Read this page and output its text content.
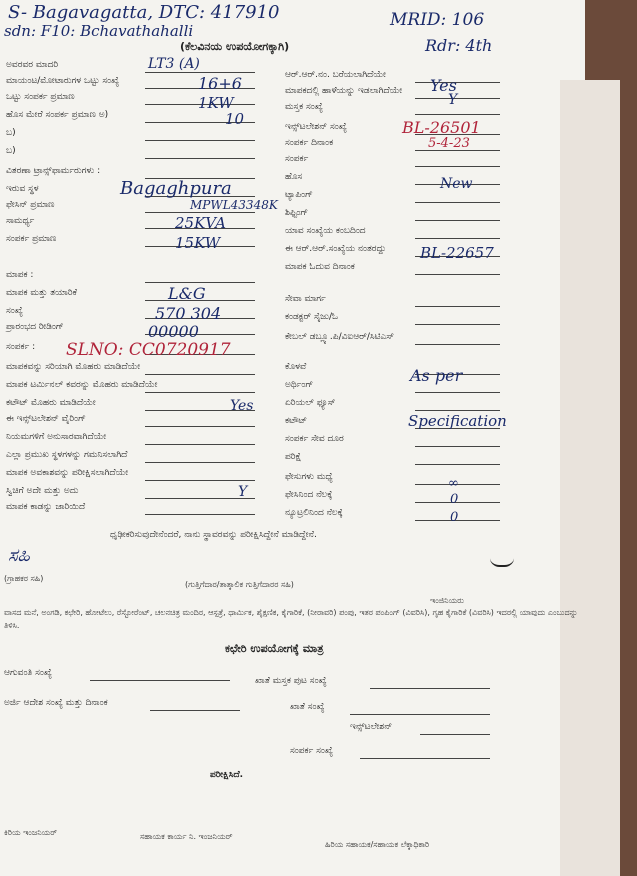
S- Bagavagatta, DTC: 417910
sdn: F10: Bchavathahalli
MRID: 106
Rdr: 4th
(ಕೆಲವಿನಯ ಉಪಯೋಗಕ್ಕಾಗಿ)
ಅವರವರ ಮಾದರಿ
ಮಾಯಂಟ/ಮೋಟಾರುಗಳ ಒಟ್ಟು ಸಂಖ್ಯೆ
ಒಟ್ಟು ಸಂಪರ್ಕ ಪ್ರಮಾಣ
ಹೊಸ ಮೇರೆ ಸಂಪರ್ಕ ಪ್ರಮಾಣ ಅ)
ಬ)
ಬ)
ವಿತರಣಾ ಟ್ರಾನ್ಸ್‌ಫಾರ್ಮರುಗಳು :
ಇರುವ ಸ್ಥಳ
ಫೇಸಿನ್ ಪ್ರಮಾಣ
ಸಾಮರ್ಥ್ಯ
ಸಂಪರ್ಕ ಪ್ರಮಾಣ
ಮಾಪಕ :
ಮಾಪಕ ಮತ್ತು ತಯಾರಿಕೆ
ಸಂಖ್ಯೆ
ಪ್ರಾರಂಭದ ರೀಡಿಂಗ್
ಸಂಪರ್ಕ :
ಮಾಪಕವನ್ನು ಸರಿಯಾಗಿ ಮೊಹರು ಮಾಡಿದೆಯೇ
ಮಾಪಕ ಟರ್ಮಿನಲ್ ಕವರನ್ನು ಮೊಹರು ಮಾಡಿದೆಯೇ
ಕಟೌಟ್ ಮೊಹರು ಮಾಡಿದೆಯೇ
ಈ ಇನ್ಸ್‌ಟಲೇಶನ್ ವೈರಿಂಗ್
ನಿಯಮಗಳಿಗೆ ಅನುಸಾರವಾಗಿದೆಯೇ
ಎಲ್ಲಾ ಪ್ರಮುಖ ಸ್ಥಳಗಳನ್ನು ಗಮನಿಸಲಾಗಿದೆ
ಮಾಪಕ ಅವಕಾಶವನ್ನು ಪರೀಕ್ಷಿಸಲಾಗಿದೆಯೇ
ಸ್ವಿಚಿಗೆ ಅದೇ ಮತ್ತು ಅದು
ಮಾಪಕ ಕಾಡನ್ನು ಜಾರಿಯಿದೆ
ಆರ್.ಆರ್.ನಂ. ಬರೆಯಲಾಗಿದೆಯೇ
ಮಾಪಕದಲ್ಲಿ ಹಾಳೆಯನ್ನು ಇಡಲಾಗಿದೆಯೇ
ಮಸ್ತಕ ಸಂಖ್ಯೆ
ಇನ್ಸ್‌ಟಲೇಶನ್ ಸಂಖ್ಯೆ
ಸಂಪರ್ಕ ದಿನಾಂಕ
ಸಂಪರ್ಕ
ಹೊಸ
ಟ್ಯಾಪಿಂಗ್
ಶಿಫ್ಟಿಂಗ್
ಯಾವ ಸಂಖ್ಯೆಯ ಕಂಬದಿಂದ
ಈ ಆರ್.ಆರ್.ಸಂಖ್ಯೆಯ ನಂತರದ್ದು
ಮಾಪಕ ಓದುವ ದಿನಾಂಕ
ಸೇವಾ ಮಾರ್ಗ
ಕಂಡಕ್ಟರ್ ಸೈಜು/ಓ
ಕೇಬಲ್ ಡಬ್ಲ್ಯೂ.ಪಿ/ವಿಐಆರ್/ಸಿಟಿಎಸ್
ಕೊಳವೆ
ಅರ್ಥಿಂಗ್
ಏರಿಯಲ್ ಫ್ಯೂಸ್
ಕಟೌಟ್
ಸಂಪರ್ಕ ಸೇವ ದೂರ
ಪರಿಕ್ಷೆ
ಫೇಸುಗಳು ಮಧ್ಯೆ
ಫೇಸಿನಿಂದ ನೆಲಕ್ಕೆ
ನ್ಯೂಟ್ರಲಿನಿಂದ ನೆಲಕ್ಕೆ
LT3 (A)
16+6
1KW
10
Yes
Y
BL-26501
5-4-23
New
Bagaghpura
MPWL43348K
25KVA
15KW
BL-22657
L&G
570 304
00000
SLNO: CC0720917
Yes
Y
As per
Specification
∞
0
0
ಧೃಢೀಕರಿಸುವುದೇನೆಂದರೆ, ನಾನು ಸ್ಥಾವರವನ್ನು ಪರೀಕ್ಷಿಸಿದ್ದೇನೆ ಮಾಡಿದ್ದೇನೆ.
ಸಹಿ
(ಗ್ರಾಹಕರ ಸಹಿ)
(ಗುತ್ತಿಗೆದಾರ/ತಾತ್ಕಾಲಿಕ ಗುತ್ತಿಗೆದಾರರ ಸಹಿ)
ಇಂಜಿನಿಯರು
ವಾಸದ ಮನೆ, ಅಂಗಡಿ, ಕಛೇರಿ, ಹೋಟೆಲು, ರೆಸ್ಟೋರೆಂಟ್, ಚಲನಚಿತ್ರ ಮಂದಿರ, ಆಸ್ಪತ್ರೆ, ಧಾರ್ಮಿಕ, ಶೈಕ್ಷಣಿಕ, ಕೈಗಾರಿಕೆ, (ನೀರಾವರಿ) ಪಂಪು, ಇತರ ಪಂಪಿಂಗ್ (ವಿವರಿಸಿ), ಗೃಹ ಕೈಗಾರಿಕೆ (ವಿವರಿಸಿ) ಇದರಲ್ಲಿ ಯಾವುದು ಎಂಬುದನ್ನು ತಿಳಿಸಿ.
ಕಛೇರಿ ಉಪಯೋಗಕ್ಕೆ ಮಾತ್ರ
ಆಗುವಂತಿ ಸಂಖ್ಯೆ
ಖಾತೆ ಮಸ್ತಕ ಪುಟ ಸಂಖ್ಯೆ
ಅರ್ಜಿ ಆದೇಶ ಸಂಖ್ಯೆ ಮತ್ತು ದಿನಾಂಕ	ಖಾತೆ ಸಂಖ್ಯೆ
ಇನ್ಸ್‌ಟಲೇಶನ್
ಸಂಪರ್ಕ ಸಂಖ್ಯೆ
ಪರೀಕ್ಷಿಸಿದೆ.
ಕಿರಿಯ ಇಂಜನಿಯರ್	ಸಹಾಯಕ ಕಾರ್ಯ ನಿ. ಇಂಜನಿಯರ್
ಹಿರಿಯ ಸಹಾಯಕ/ಸಹಾಯಕ ಲೆಕ್ಕಾಧಿಕಾರಿ
